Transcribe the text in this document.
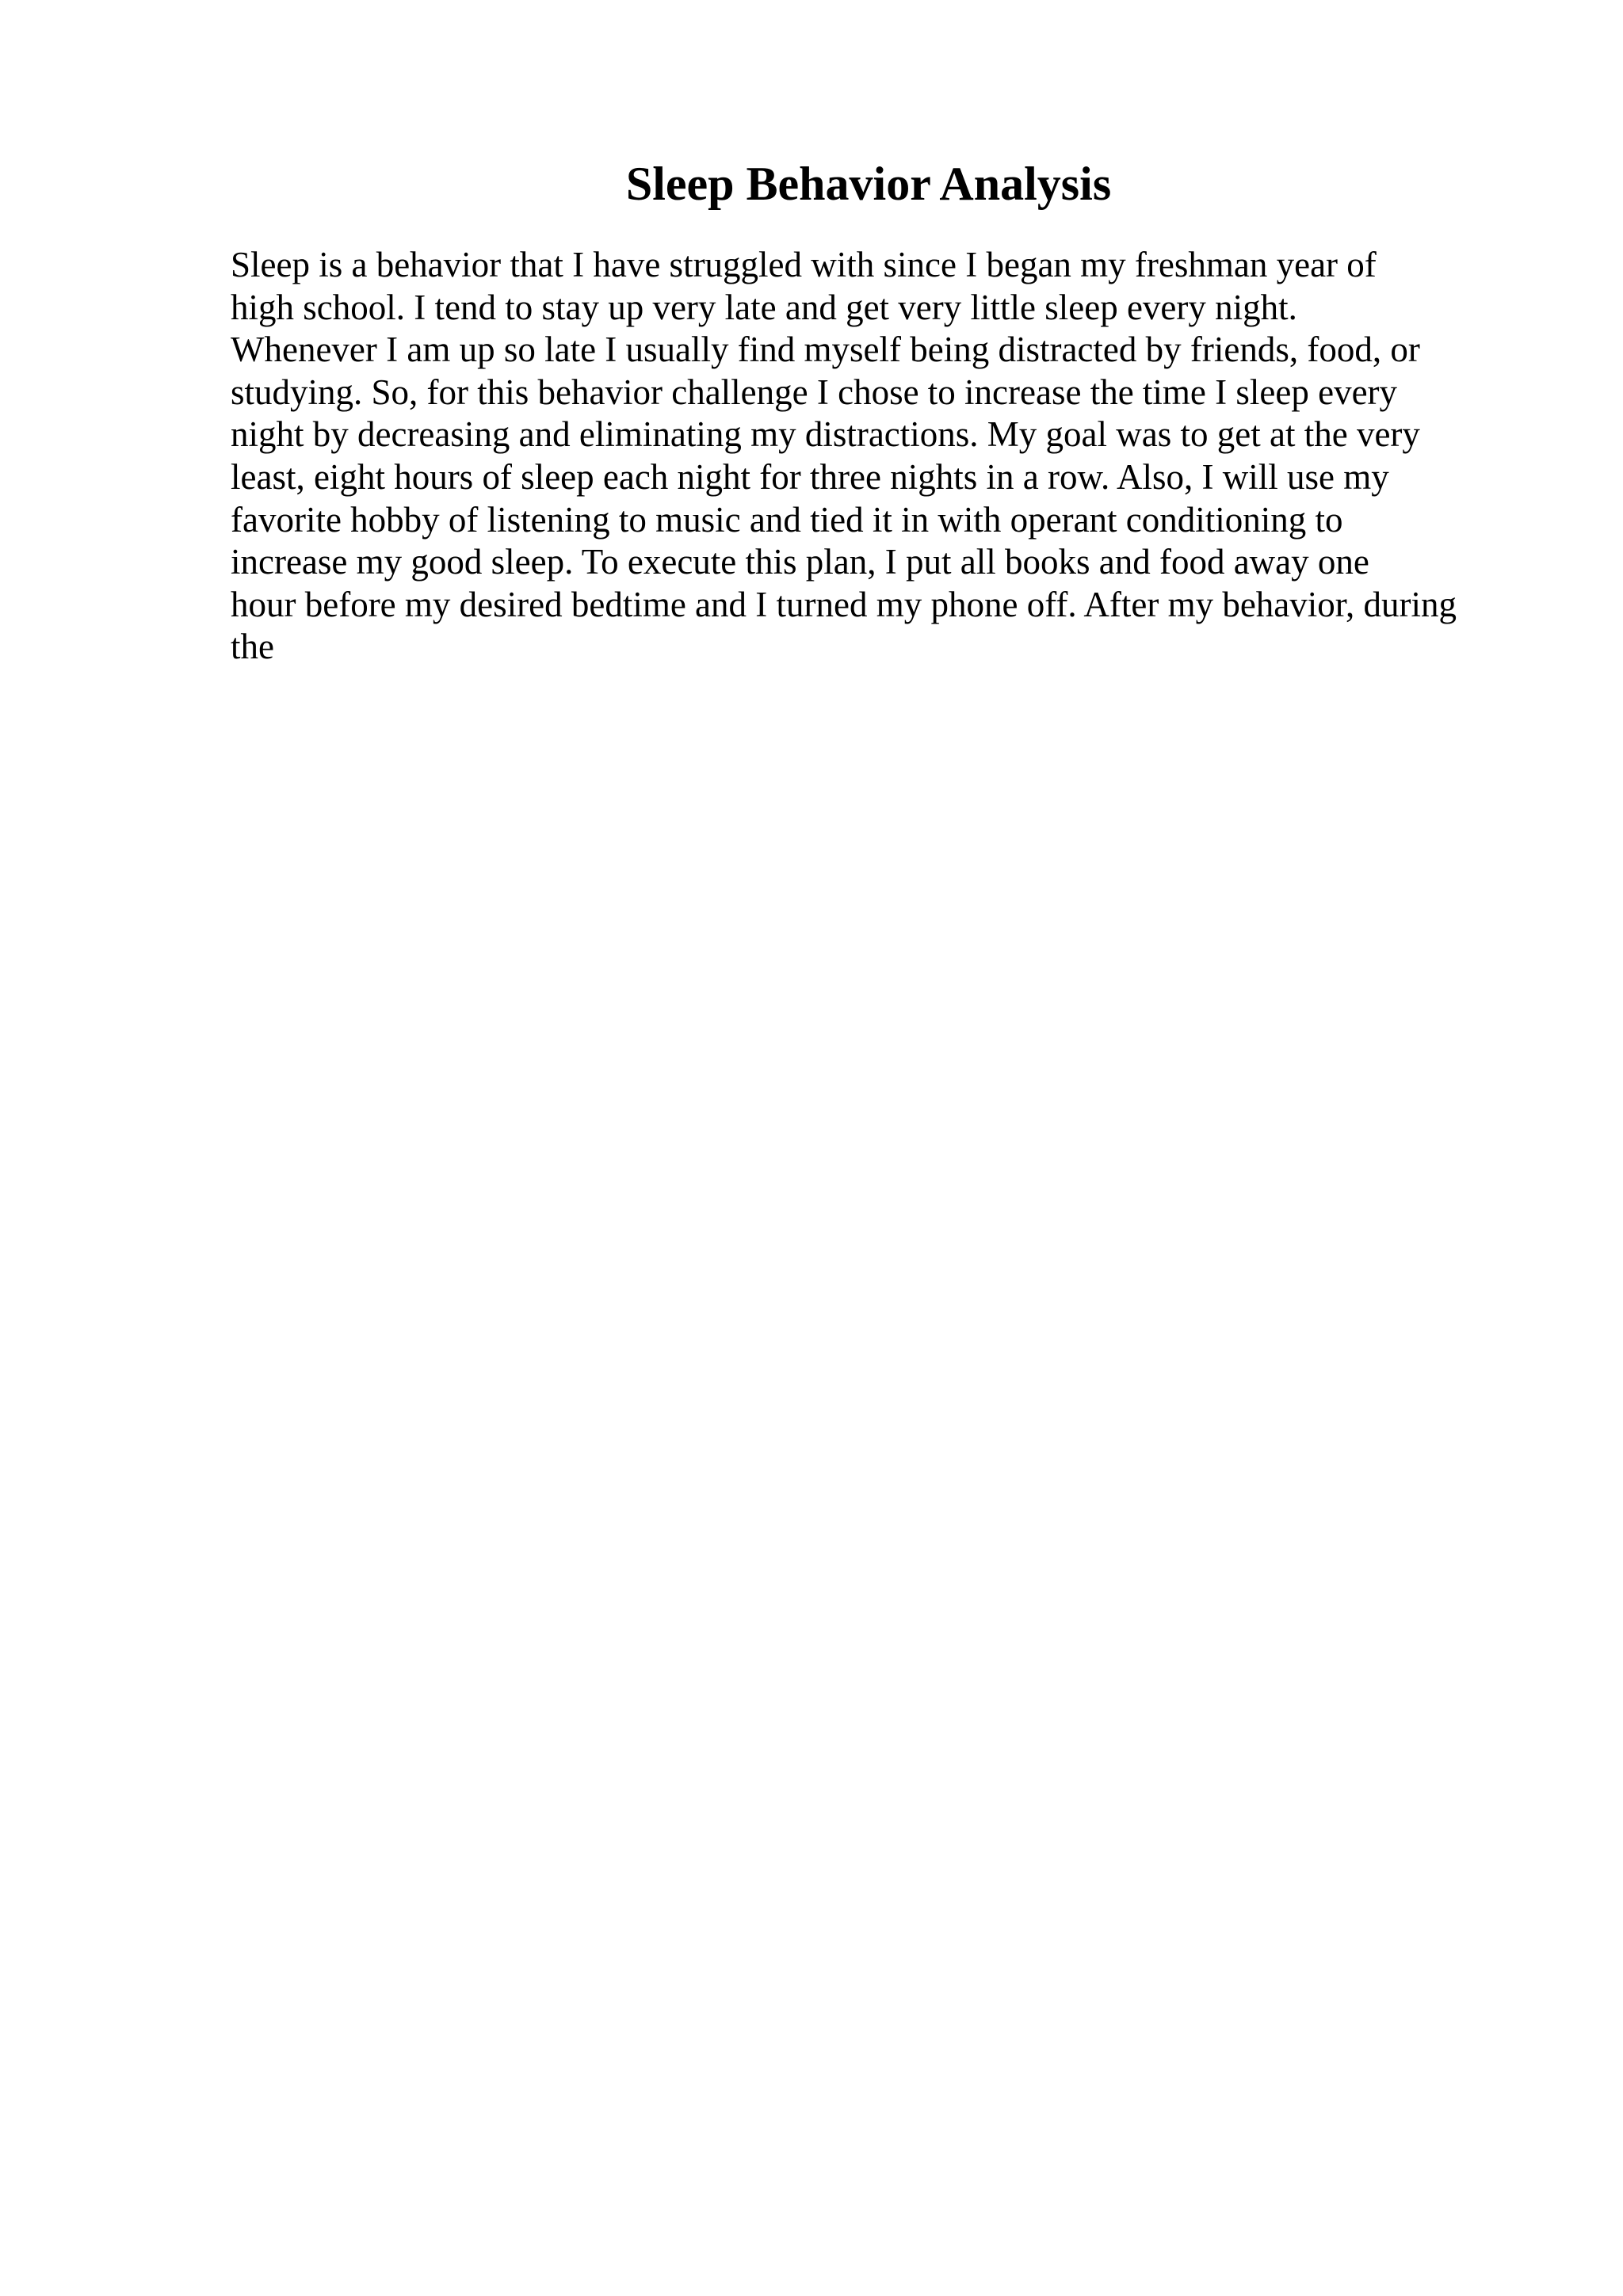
Sleep Behavior Analysis

Sleep is a behavior that I have struggled with since I began my freshman year of
high school. I tend to stay up very late and get very little sleep every night.
Whenever I am up so late I usually find myself being distracted by friends, food, or
studying. So, for this behavior challenge I chose to increase the time I sleep every
night by decreasing and eliminating my distractions. My goal was to get at the very
least, eight hours of sleep each night for three nights in a row. Also, I will use my
favorite hobby of listening to music and tied it in with operant conditioning to
increase my good sleep. To execute this plan, I put all books and food away one
hour before my desired bedtime and I turned my phone off. After my behavior, during
the
